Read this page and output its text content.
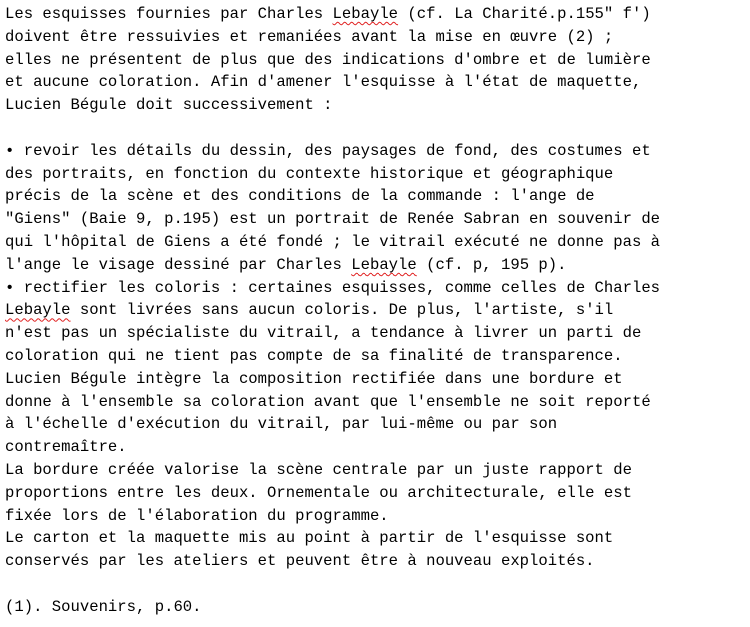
Les esquisses fournies par Charles Lebayle (cf. La Charité.p.155" f')
doivent être ressuivies et remaniées avant la mise en œuvre (2) ;
elles ne présentent de plus que des indications d'ombre et de lumière
et aucune coloration. Afin d'amener l'esquisse à l'état de maquette,
Lucien Bégule doit successivement :
• revoir les détails du dessin, des paysages de fond, des costumes et
des portraits, en fonction du contexte historique et géographique
précis de la scène et des conditions de la commande : l'ange de
"Giens" (Baie 9, p.195) est un portrait de Renée Sabran en souvenir de
qui l'hôpital de Giens a été fondé ; le vitrail exécuté ne donne pas à
l'ange le visage dessiné par Charles Lebayle (cf. p, 195 p).
• rectifier les coloris : certaines esquisses, comme celles de Charles
Lebayle sont livrées sans aucun coloris. De plus, l'artiste, s'il
n'est pas un spécialiste du vitrail, a tendance à livrer un parti de
coloration qui ne tient pas compte de sa finalité de transparence.
Lucien Bégule intègre la composition rectifiée dans une bordure et
donne à l'ensemble sa coloration avant que l'ensemble ne soit reporté
à l'échelle d'exécution du vitrail, par lui-même ou par son
contremaître.
La bordure créée valorise la scène centrale par un juste rapport de
proportions entre les deux. Ornementale ou architecturale, elle est
fixée lors de l'élaboration du programme.
Le carton et la maquette mis au point à partir de l'esquisse sont
conservés par les ateliers et peuvent être à nouveau exploités.
(1). Souvenirs, p.60.
